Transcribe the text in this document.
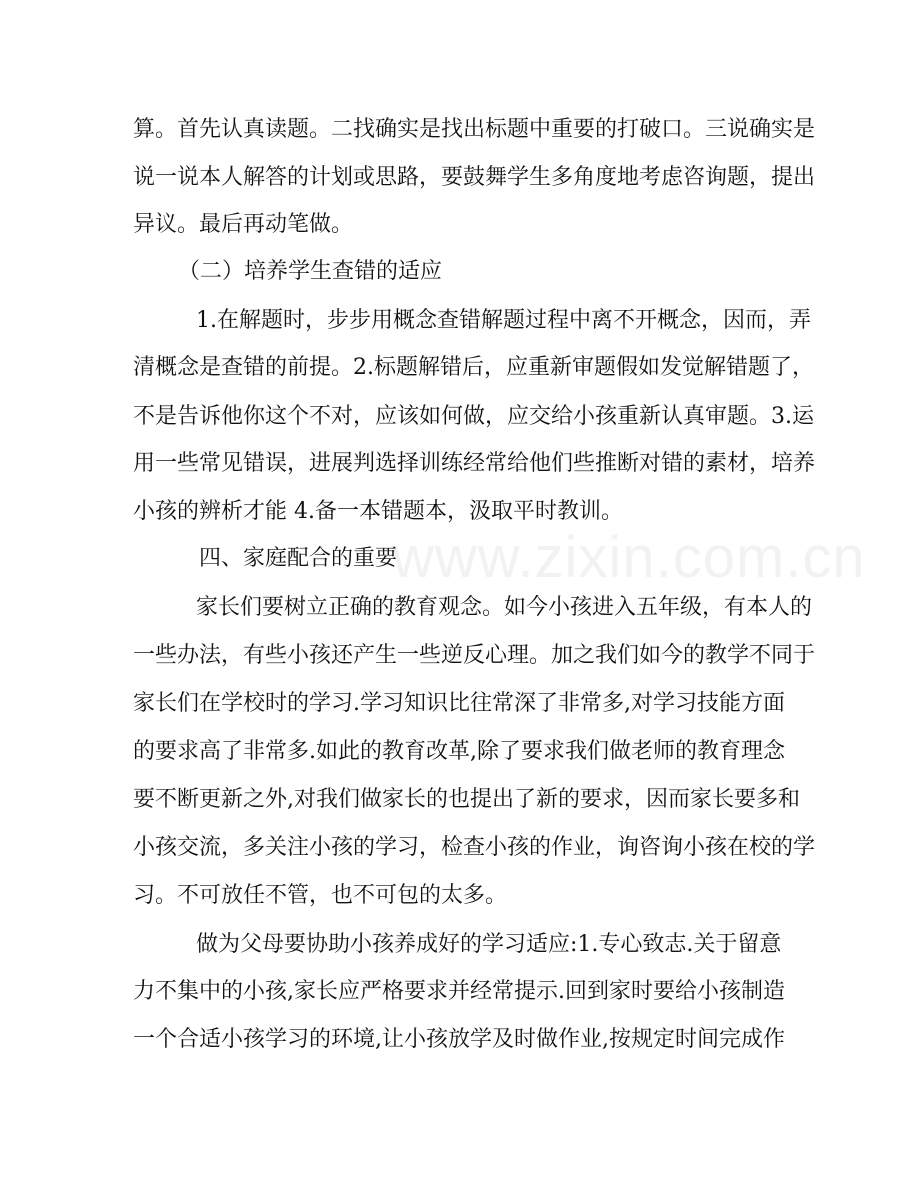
www.zixin.com.cn
算。首先认真读题。二找确实是找出标题中重要的打破口。三说确实是
说一说本人解答的计划或思路，要鼓舞学生多角度地考虑咨询题，提出
异议。最后再动笔做。
（二）培养学生查错的适应
1.在解题时，步步用概念查错解题过程中离不开概念，因而，弄
清概念是查错的前提。2.标题解错后，应重新审题假如发觉解错题了，
不是告诉他你这个不对，应该如何做，应交给小孩重新认真审题。3.运
用一些常见错误，进展判选择训练经常给他们些推断对错的素材，培养
小孩的辨析才能 4.备一本错题本，汲取平时教训。
四、家庭配合的重要
家长们要树立正确的教育观念。如今小孩进入五年级，有本人的
一些办法，有些小孩还产生一些逆反心理。加之我们如今的教学不同于
家长们在学校时的学习.学习知识比往常深了非常多,对学习技能方面
的要求高了非常多.如此的教育改革,除了要求我们做老师的教育理念
要不断更新之外,对我们做家长的也提出了新的要求，因而家长要多和
小孩交流，多关注小孩的学习，检查小孩的作业，询咨询小孩在校的学
习。不可放任不管，也不可包的太多。
做为父母要协助小孩养成好的学习适应:1.专心致志.关于留意
力不集中的小孩,家长应严格要求并经常提示.回到家时要给小孩制造
一个合适小孩学习的环境,让小孩放学及时做作业,按规定时间完成作
